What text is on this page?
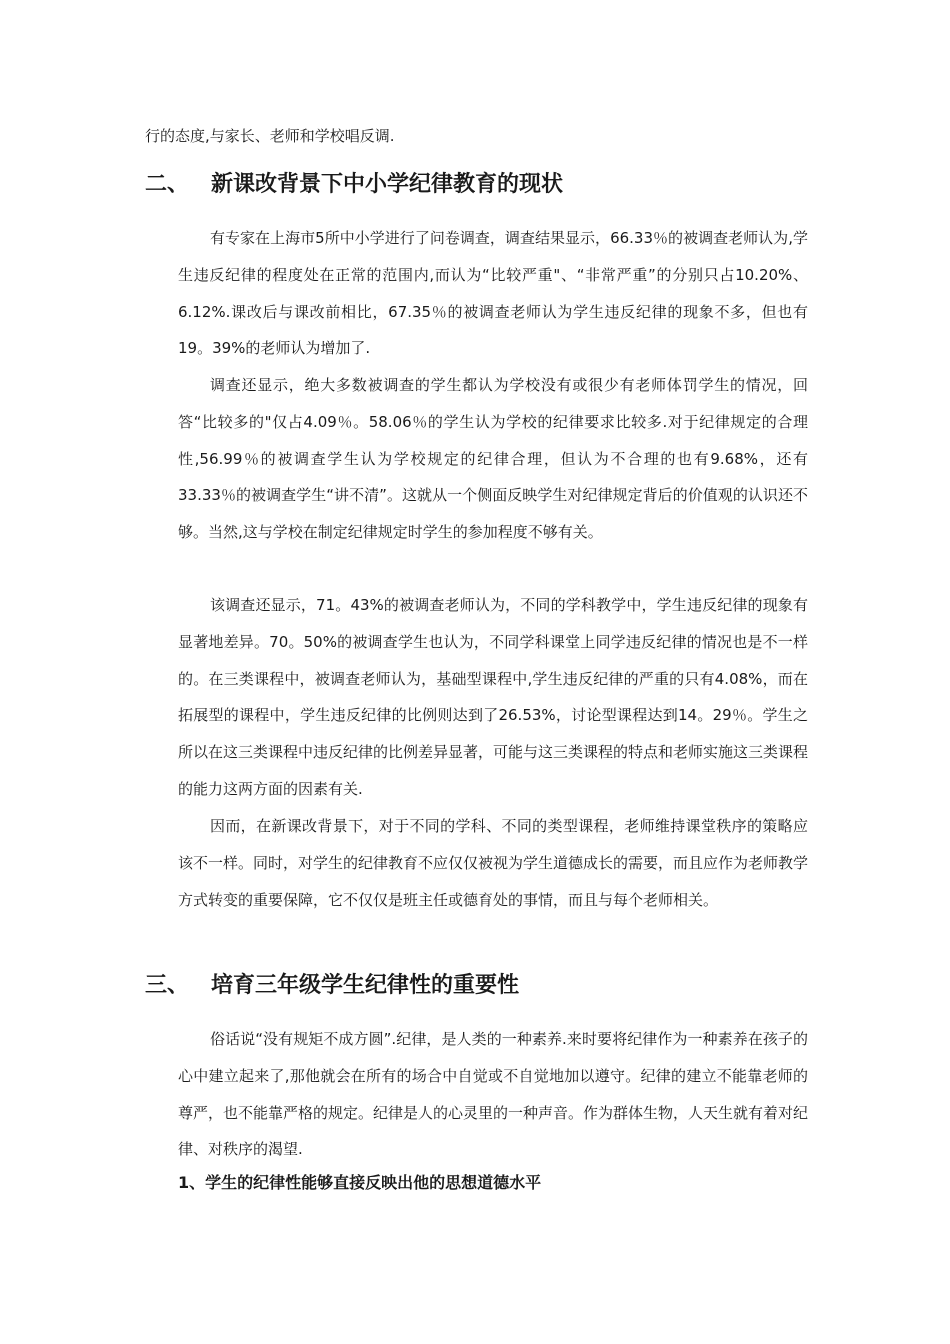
行的态度,与家长、老师和学校唱反调.

二、 新课改背景下中小学纪律教育的现状

有专家在上海市5所中小学进行了问卷调查，调查结果显示，66.33％的被调查老师认为,学生违反纪律的程度处在正常的范围内,而认为“比较严重"、“非常严重”的分别只占10.20%、6.12%.课改后与课改前相比，67.35％的被调查老师认为学生违反纪律的现象不多，但也有19。39%的老师认为增加了.

调查还显示，绝大多数被调查的学生都认为学校没有或很少有老师体罚学生的情况，回答“比较多的"仅占4.09％。58.06％的学生认为学校的纪律要求比较多.对于纪律规定的合理性,56.99％的被调查学生认为学校规定的纪律合理，但认为不合理的也有9.68%，还有33.33％的被调查学生“讲不清”。这就从一个侧面反映学生对纪律规定背后的价值观的认识还不够。当然,这与学校在制定纪律规定时学生的参加程度不够有关。

该调查还显示，71。43%的被调查老师认为，不同的学科教学中，学生违反纪律的现象有显著地差异。70。50%的被调查学生也认为，不同学科课堂上同学违反纪律的情况也是不一样的。在三类课程中，被调查老师认为，基础型课程中,学生违反纪律的严重的只有4.08%，而在拓展型的课程中，学生违反纪律的比例则达到了26.53%，讨论型课程达到14。29％。学生之所以在这三类课程中违反纪律的比例差异显著，可能与这三类课程的特点和老师实施这三类课程的能力这两方面的因素有关.

因而，在新课改背景下，对于不同的学科、不同的类型课程，老师维持课堂秩序的策略应该不一样。同时，对学生的纪律教育不应仅仅被视为学生道德成长的需要，而且应作为老师教学方式转变的重要保障，它不仅仅是班主任或德育处的事情，而且与每个老师相关。

三、 培育三年级学生纪律性的重要性

俗话说“没有规矩不成方圆”.纪律，是人类的一种素养.来时要将纪律作为一种素养在孩子的心中建立起来了,那他就会在所有的场合中自觉或不自觉地加以遵守。纪律的建立不能靠老师的尊严，也不能靠严格的规定。纪律是人的心灵里的一种声音。作为群体生物，人天生就有着对纪律、对秩序的渴望.

1、学生的纪律性能够直接反映出他的思想道德水平
